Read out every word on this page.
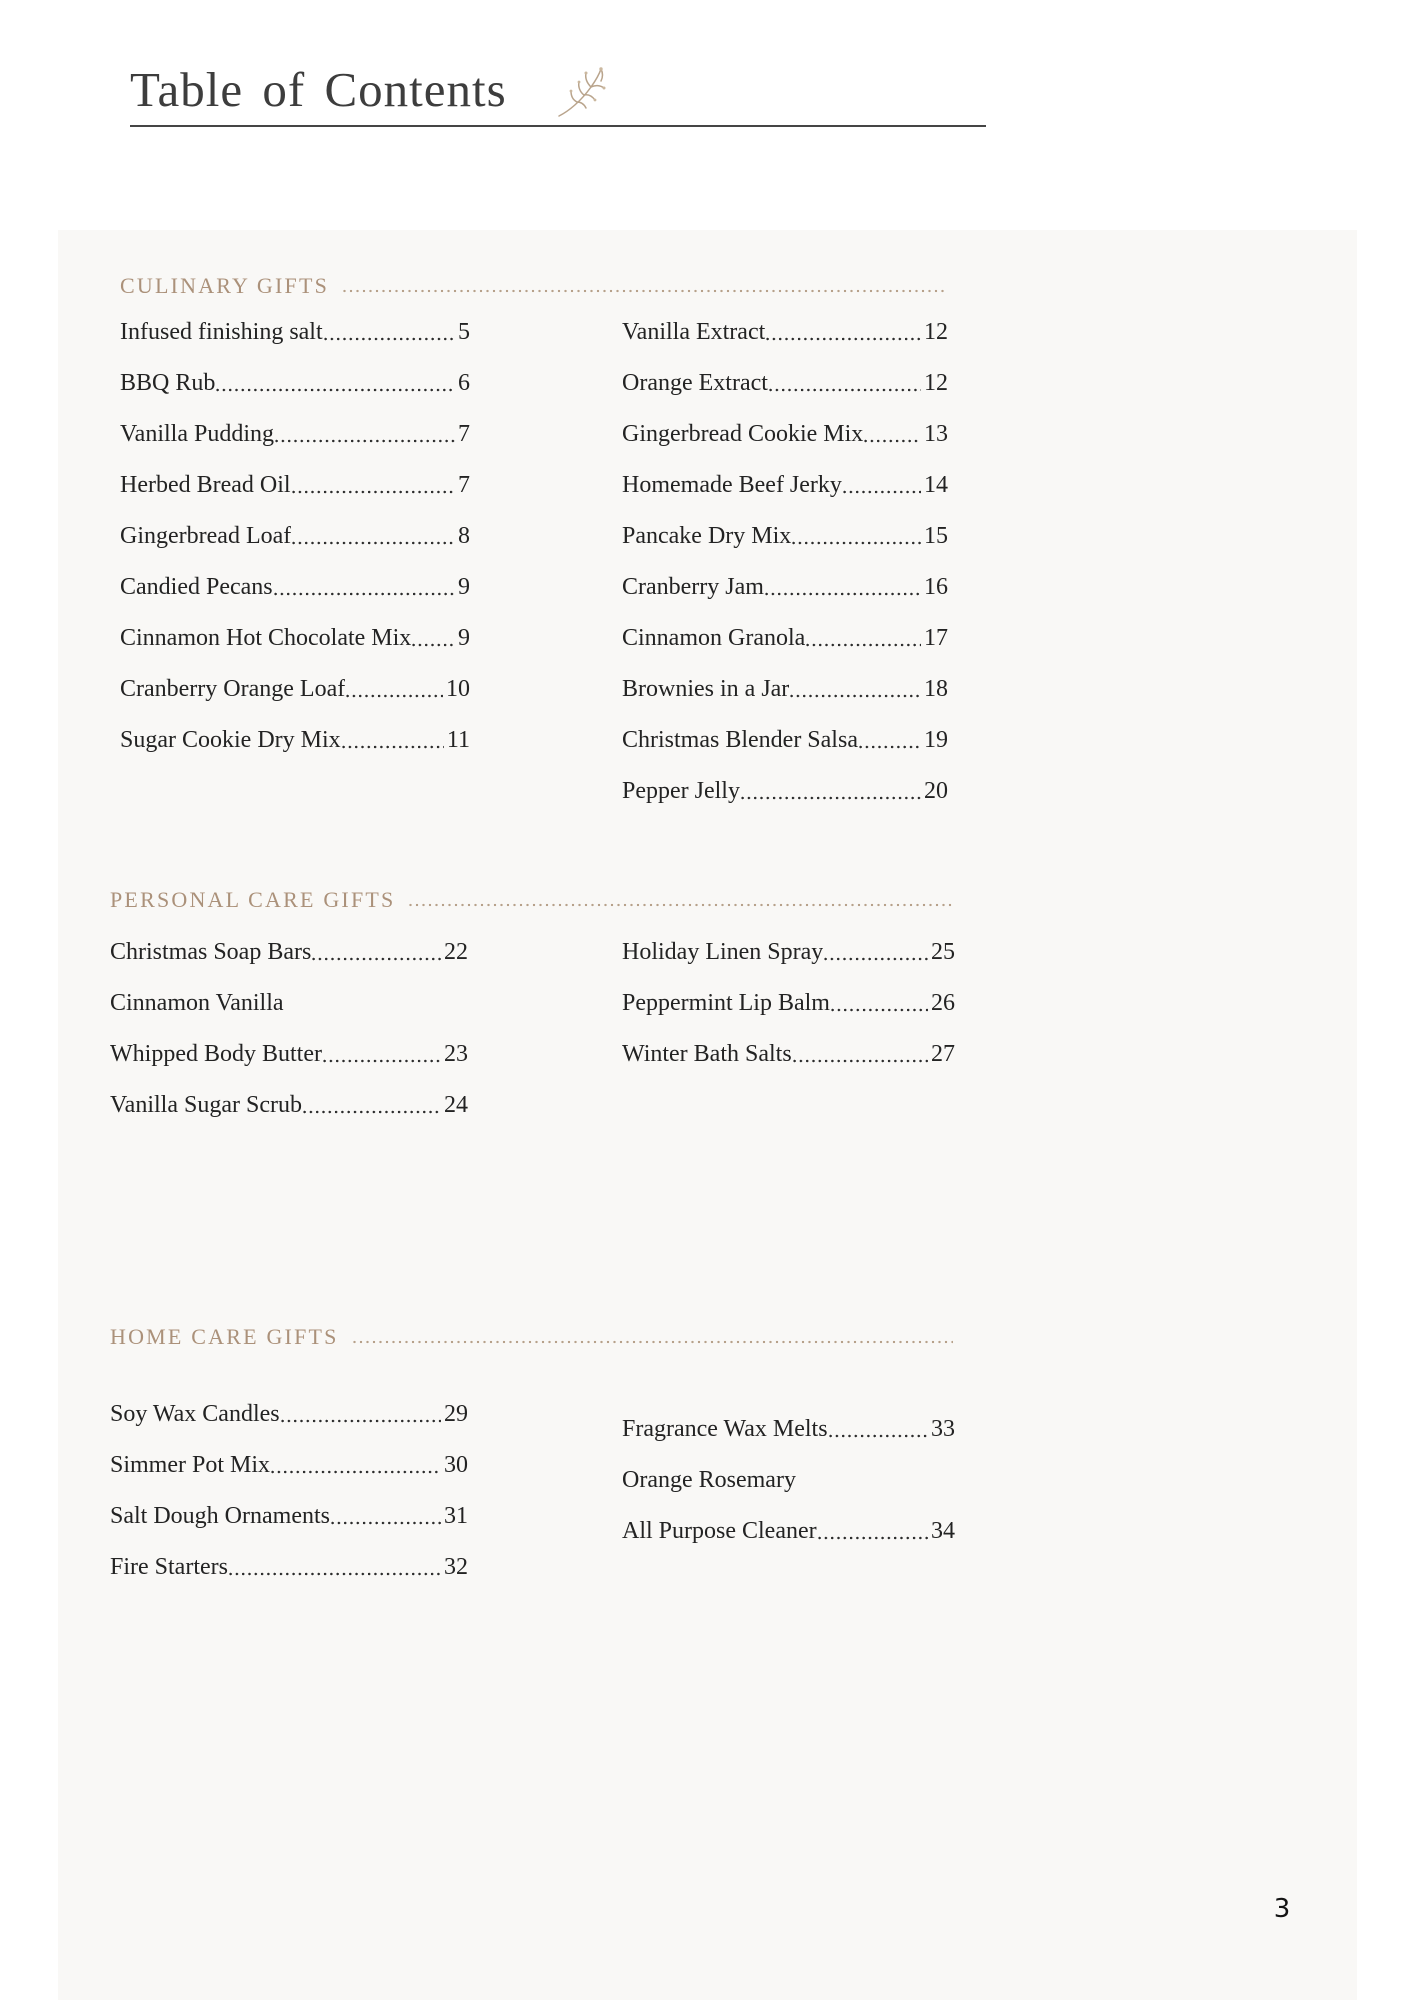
Table of Contents
CULINARY GIFTS
Infused finishing salt	5
BBQ Rub	6
Vanilla Pudding	7
Herbed Bread Oil	7
Gingerbread Loaf	8
Candied Pecans	9
Cinnamon Hot Chocolate Mix 9
Cranberry Orange Loaf	10
Sugar Cookie Dry Mix	11
Vanilla Extract	12
Orange Extract	12
Gingerbread Cookie Mix	13
Homemade Beef Jerky	14
Pancake Dry Mix	15
Cranberry Jam	16
Cinnamon Granola	17
Brownies in a Jar	18
Christmas Blender Salsa	19
Pepper Jelly	20
PERSONAL CARE GIFTS
Christmas Soap Bars	22
Cinnamon Vanilla
Whipped Body Butter	23
Vanilla Sugar Scrub	24
Holiday Linen Spray	25
Peppermint Lip Balm	26
Winter Bath Salts	27
HOME CARE GIFTS
Soy Wax Candles	29
Simmer Pot Mix	30
Salt Dough Ornaments	31
Fire Starters	32
Fragrance Wax Melts	33
Orange Rosemary
All Purpose Cleaner	34
3
